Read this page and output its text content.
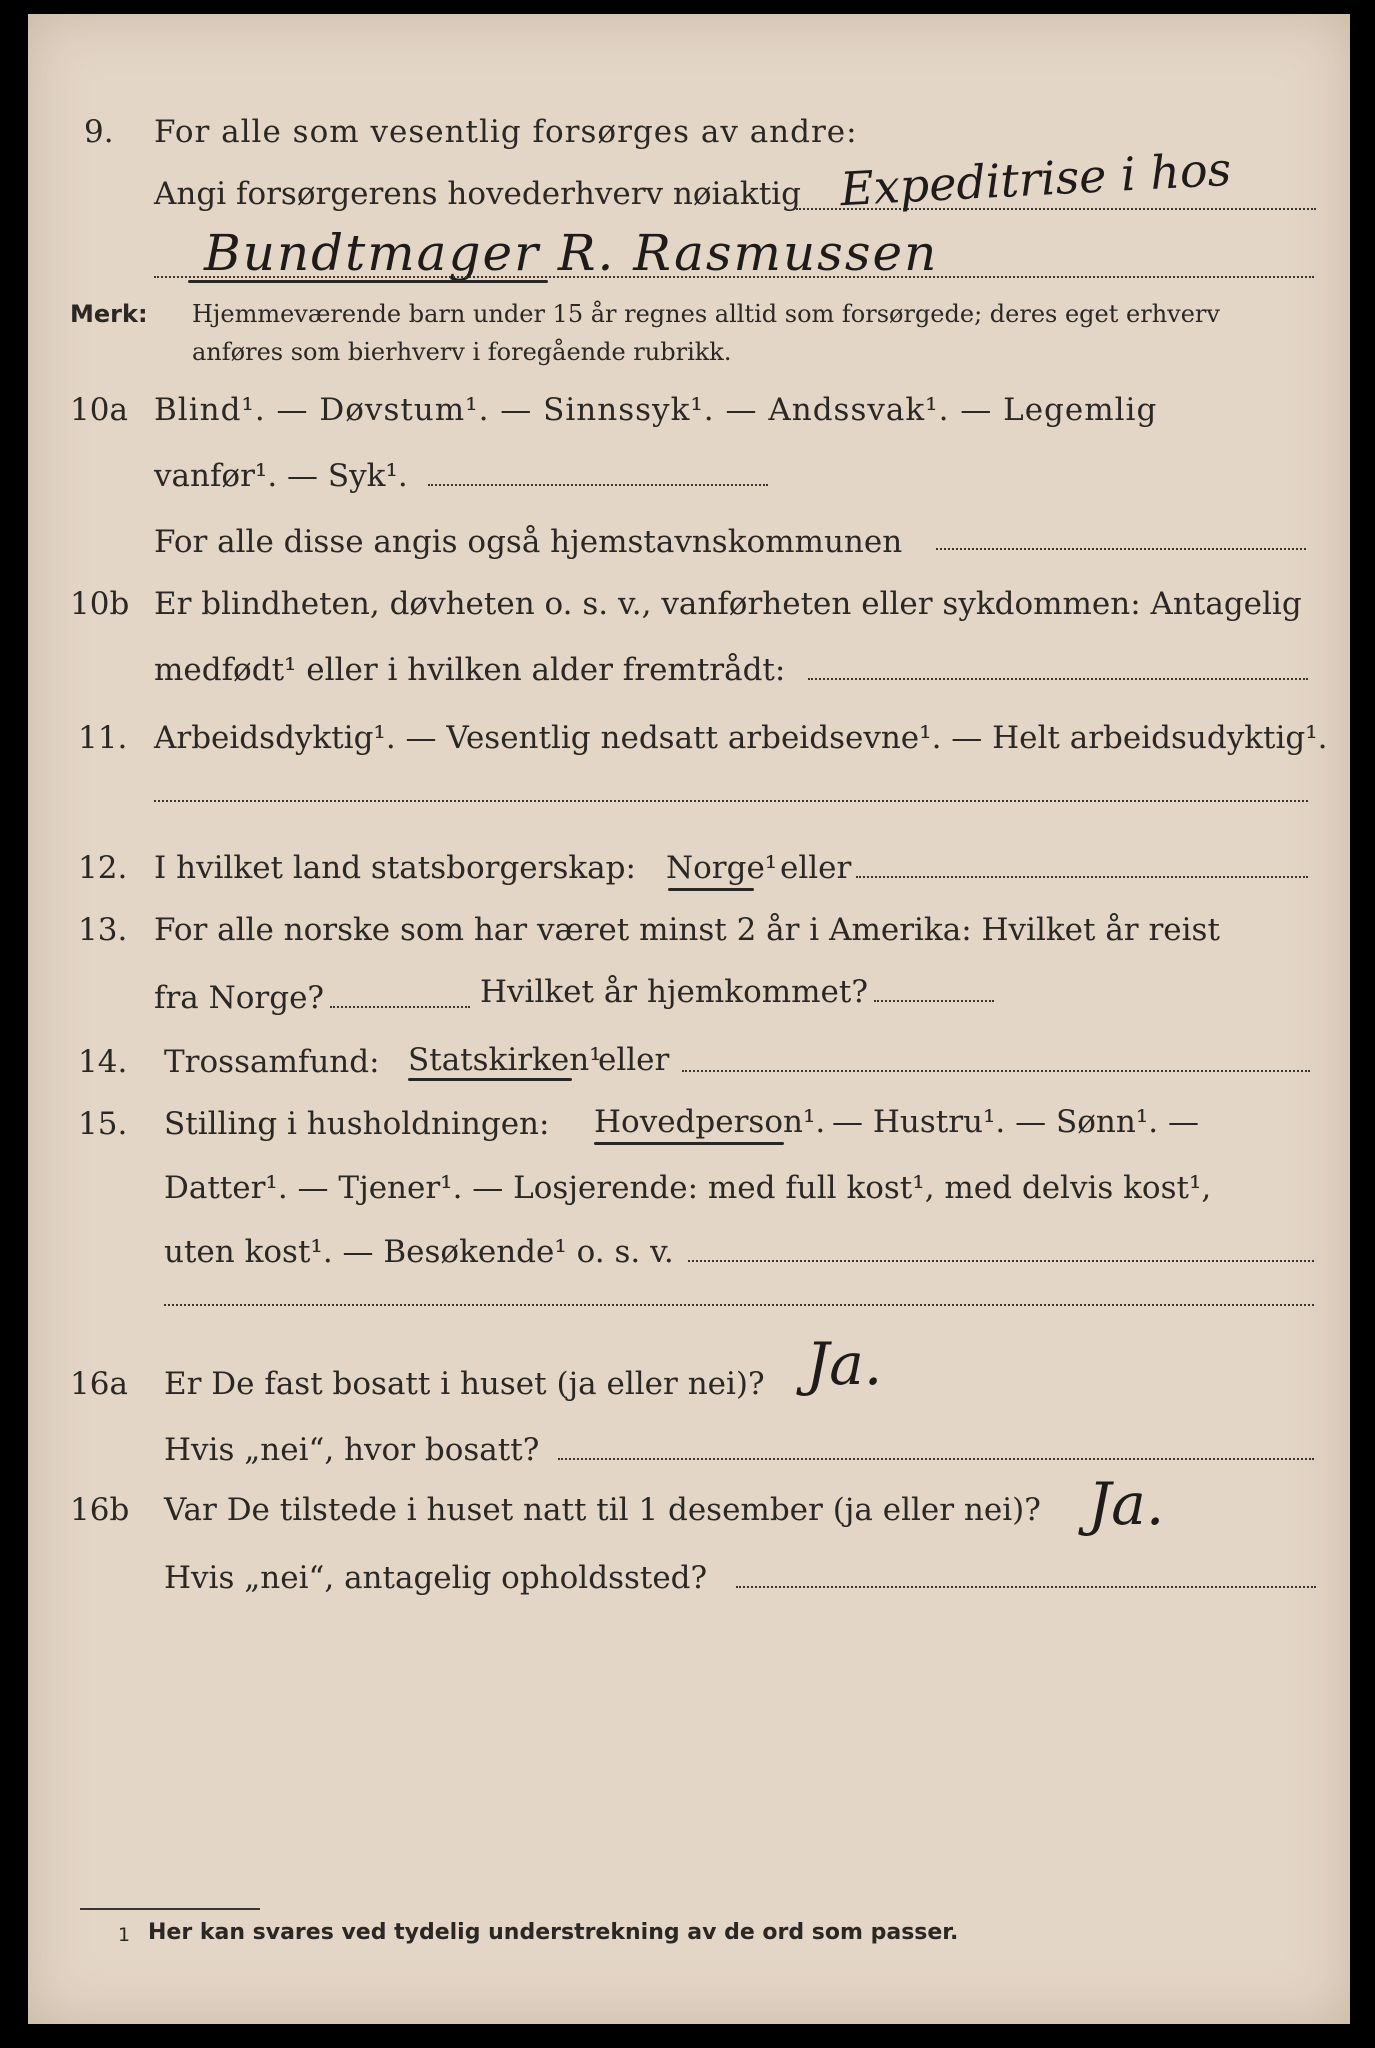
9. For alle som vesentlig forsørges av andre:
Angi forsørgerens hovederhverv nøiaktig Expeditrise i hos
Bundtmager R. Rasmussen
Merk: Hjemmeværende barn under 15 år regnes alltid som forsørgede; deres eget erhverv
anføres som bierhverv i foregående rubrikk.
10a Blind¹. — Døvstum¹. — Sinnssyk¹. — Andssvak¹. — Legemlig
vanfør¹. — Syk¹.
For alle disse angis også hjemstavnskommunen
10b Er blindheten, døvheten o. s. v., vanførheten eller sykdommen: Antagelig
medfødt¹ eller i hvilken alder fremtrådt:
11. Arbeidsdyktig¹. — Vesentlig nedsatt arbeidsevne¹. — Helt arbeidsudyktig¹.
12. I hvilket land statsborgerskap: Norge¹ eller
13. For alle norske som har været minst 2 år i Amerika: Hvilket år reist
fra Norge?	Hvilket år hjemkommet?
14. Trossamfund: Statskirken¹
eller
15. Stilling i husholdningen: Hovedperson¹. — Hustru¹. — Sønn¹. —
Datter¹. — Tjener¹. — Losjerende: med full kost¹, med delvis kost¹,
uten kost¹. — Besøkende¹ o. s. v.
16a Er De fast bosatt i huset (ja eller nei)? Ja.
Hvis „nei“, hvor bosatt?
16b Var De tilstede i huset natt til 1 desember (ja eller nei)? Ja.
Hvis „nei“, antagelig opholdssted?
1 Her kan svares ved tydelig understrekning av de ord som passer.
